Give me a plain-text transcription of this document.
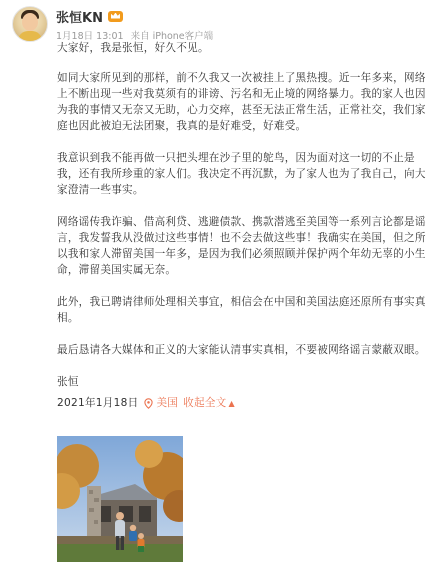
张恒KN
1月18日 13:01 来自 iPhone客户端

大家好，我是张恒，好久不见。

如同大家所见到的那样，前不久我又一次被挂上了黑热搜。近一年多来，网络上不断出现一些对我莫须有的诽谤、污名和无止境的网络暴力。我的家人也因为我的事情又无奈又无助，心力交瘁，甚至无法正常生活，正常社交，我们家庭也因此被迫无法团聚，我真的是好难受，好难受。

我意识到我不能再做一只把头埋在沙子里的鸵鸟，因为面对这一切的不止是我，还有我所珍重的家人们。我决定不再沉默，为了家人也为了我自己，向大家澄清一些事实。

网络谣传我诈骗、借高利贷、逃避债款、携款潜逃至美国等一系列言论都是谣言，我发誓我从没做过这些事情！也不会去做这些事！我确实在美国，但之所以我和家人滞留美国一年多，是因为我们必须照顾并保护两个年幼无辜的小生命，滞留美国实属无奈。

此外，我已聘请律师处理相关事宜，相信会在中国和美国法庭还原所有事实真相。

最后恳请各大媒体和正义的大家能认清事实真相，不要被网络谣言蒙蔽双眼。

张恒
2021年1月18日 美国 收起全文 ▲
